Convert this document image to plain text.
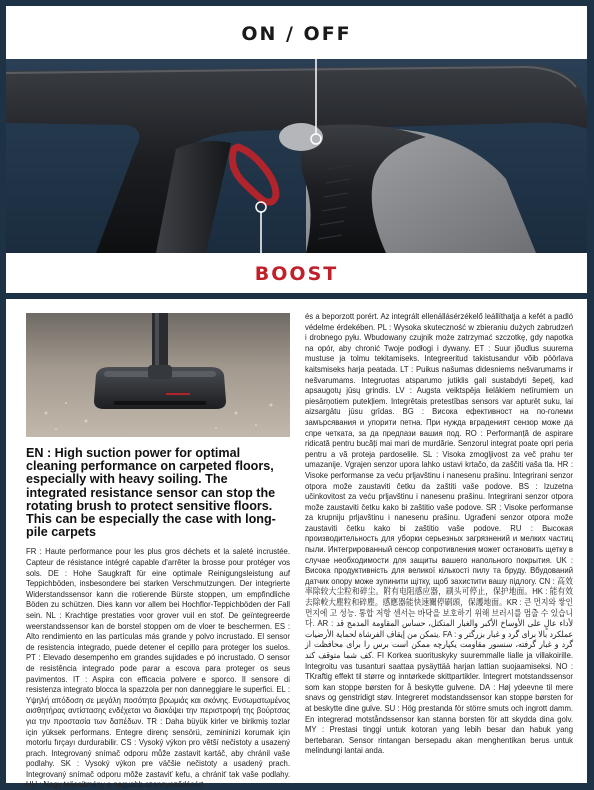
ON / OFF
BOOST
EN : High suction power for optimal cleaning performance on carpeted floors, especially with heavy soiling. The integrated resistance sensor can stop the rotating brush to protect sensitive floors. This can be especially the case with long-pile carpets
FR : Haute performance pour les plus gros déchets et la saleté incrustée. Capteur de résistance intégré capable d'arrêter la brosse pour protéger vos sols. DE : Hohe Saugkraft für eine optimale Reinigungsleistung auf Teppichböden, insbesondere bei starken Verschmutzungen. Der integrierte Widerstandssensor kann die rotierende Bürste stoppen, um empfindliche Böden zu schützen. Dies kann vor allem bei Hochflor-Teppichböden der Fall sein. NL : Krachtige prestaties voor grover vuil en stof. De geïntegreerde weerstandssensor kan de borstel stoppen om de vloer te beschermen. ES : Alto rendimiento en las partículas más grande y polvo incrustado. El sensor de resistencia integrado, puede detener el cepillo para proteger los suelos. PT : Elevado desempenho em grandes sujidades e pó incrustado. O sensor de resistência integrado pode parar a escova para proteger os seus pavimentos. IT : Aspira con efficacia polvere e sporco. Il sensore di resistenza integrato blocca la spazzola per non danneggiare le superfici. EL : Υψηλή απόδοση σε μεγάλη ποσότητα βρωμιάς και σκόνης. Ενσωματωμένος αισθητήρας αντίστασης ενδέχεται να διακόψει την περιστροφή της βούρτσας για την προστασία των δαπέδων. TR : Daha büyük kirler ve birikmiş tozlar için yüksek performans. Entegre direnç sensörü, zemininizi korumak için motorlu fırçayı durdurabilir. CS : Vysoký výkon pro větší nečistoty a usazený prach. Integrovaný snímač odporu může zastavit kartáč, aby chránil vaše podlahy. SK : Vysoký výkon pre väčšie nečistoty a usadený prach. Integrovaný snímač odporu môže zastaviť kefu, a chrániť tak vaše podlahy. HU : Nagy teljesítmény a nagyobb szennyeződésért
és a beporzott porért. Az integrált ellenállásérzékelő leállíthatja a kefét a padló védelme érdekében. PL : Wysoka skuteczność w zbieraniu dużych zabrudzeń i drobnego pyłu. Wbudowany czujnik może zatrzymać szczotkę, gdy napotka na opór, aby chronić Twoje podłogi i dywany. ET : Suur jõudlus suurema mustuse ja tolmu tekitamiseks. Integreeritud takistusandur võib pöörlava kaitsmiseks harja peatada. LT : Puikus našumas didesniems nešvarumams ir nešvarumams. Integruotas atsparumo jutiklis gali sustabdyti šepetį, kad apsaugotų jūsų grindis. LV : Augsta veiktspēja lielākiem netīrumiem un piesārņotiem putekļiem. Integrētais pretestības sensors var apturēt suku, lai aizsargātu jūsu grīdas. BG : Висока ефективност на по-големи замърсявания и упорити петна. При нужда вграденият сензор може да спре четката, за да предпази вашия под. RO : Performanță de aspirare ridicată pentru bucăți mai mari de murdărie. Senzorul integrat poate opri peria pentru a vă proteja pardoselile. SL : Visoka zmogljivost za več prahu ter umazanije. Vgrajen senzor upora lahko ustavi krtačo, da zaščiti vaša tla. HR : Visoke performanse za veću prljavštinu i nanesenu prašinu. Integrirani senzor otpora može zaustaviti četku da zaštiti vaše podove. BS : Izuzetna učinkovitost za veću prljavštinu i nanesenu prašinu. Integrirani senzor otpora može zaustaviti četku kako bi zaštitio vaše podove. SR : Visoke performanse za krupniju prljavštinu i nanesenu prašinu. Ugrađeni senzor otpora može zaustaviti četku kako bi zaštitio vaše podove. RU : Высокая производительность для уборки серьезных загрязнений и мелких частиц пыли. Интегрированный сенсор сопротивления может остановить щетку в случае необходимости для защиты вашего напольного покрытия. UK : Висока продуктивність для великої кількості пилу та бруду. Вбудований датчик опору може зупинити щітку, щоб захистити вашу підлогу. CN : 高效率除较大尘粒和碎尘。附有电阻感应器，刷头可停止，保护地面。HK : 能有效去除較大塵粒和碎塵。感應器能快速關停刷頭，保護地面。KR : 큰 먼지와 쌓인 먼지에 고 성능. 통합 저항 센서는 바닥을 보호하기 위해 브러시를 멈출 수 있습니다. AR : لأداء عالٍ على الأوساخ الأكبر والغبار المتكتل، حساس المقاومة المدمج قد يتمكن من إيقاف الفرشاة لحماية الأرضيات. FA : عملکرد بالا برای گرد و غبار بزرگتر و گرد و غبار گرفته، سنسور مقاومت یکپارچه ممکن است برس را برای محافظت از کف شما متوقف کند. FI Korkea suorituskyky suuremmalle lialle ja villakoirille. Integroitu vas tusanturi saattaa pysäyttää harjan lattian suojaamiseksi. NO : TKraftig effekt til større og inntørkede skittpartikler. Integrert motstandssensor som kan stoppe børsten for å beskytte gulvene. DA : Høj ydeevne til mere snavs og genstridigt støv. Integreret modstandssensor kan stoppe børsten for at beskytte dine gulve. SU : Hög prestanda för större smuts och ingrott damm. En integrerad motståndssensor kan stanna borsten för att skydda dina golv. MY : Prestasi tinggi untuk kotoran yang lebih besar dan habuk yang bertebaran. Sensor rintangan bersepadu akan menghentikan berus untuk melindungi lantai anda.
